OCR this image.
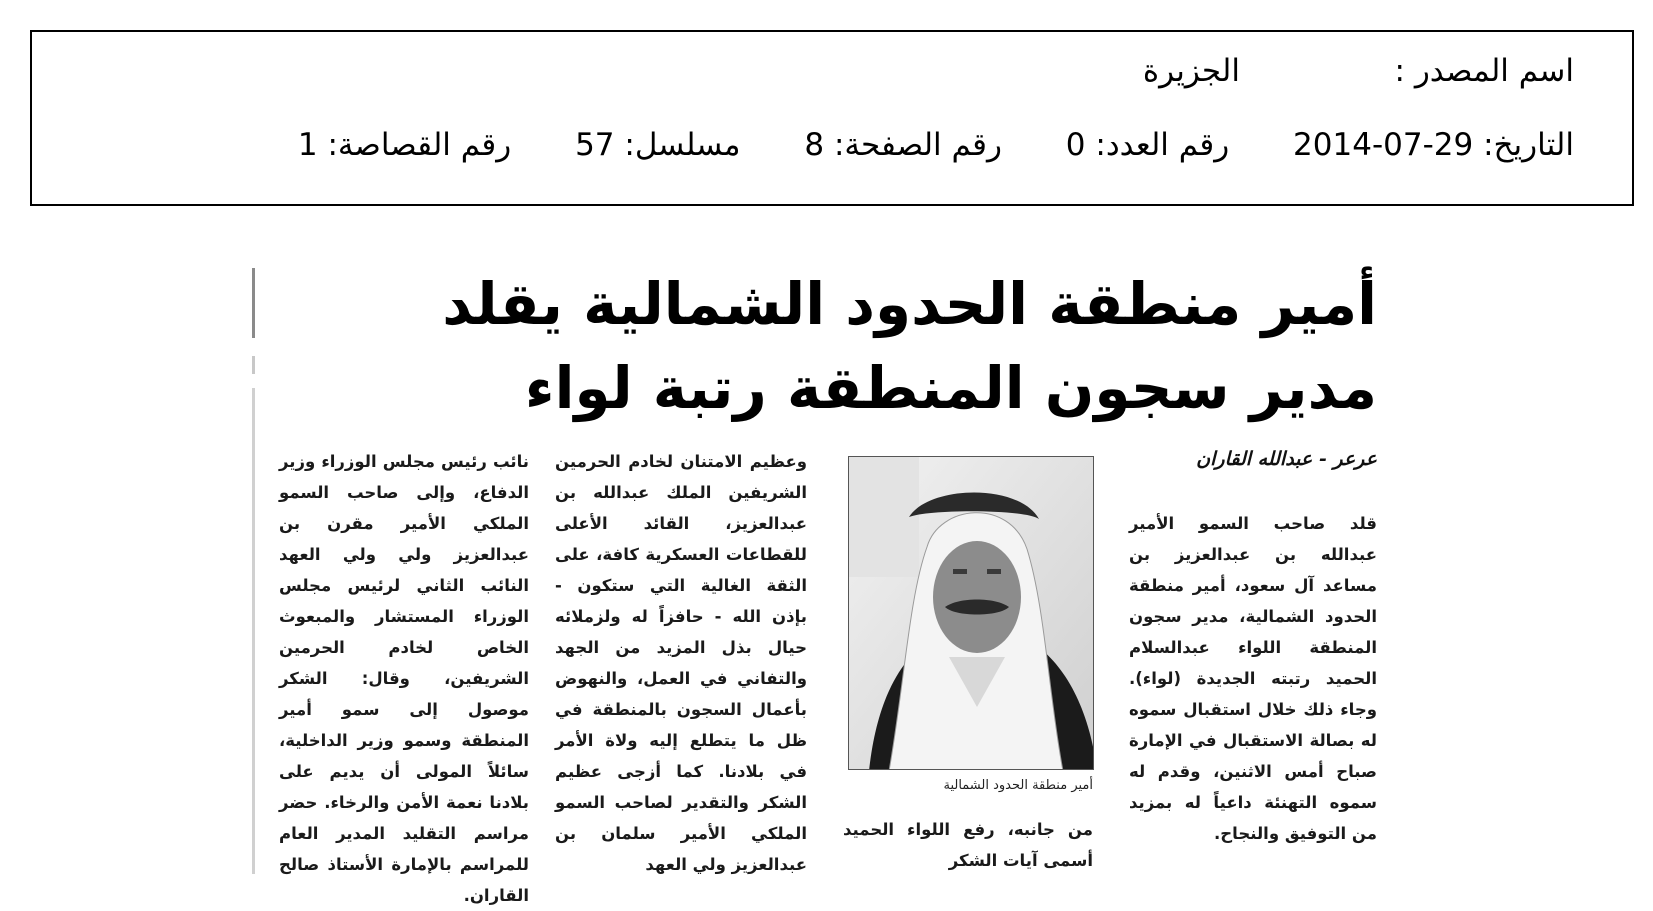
اسم المصدر :
الجزيرة
التاريخ: 2014-07-29 رقم العدد: 0 رقم الصفحة: 8 مسلسل: 57 رقم القصاصة: 1
أمير منطقة الحدود الشمالية يقلد مدير سجون المنطقة رتبة لواء
عرعر - عبدالله القاران

قلد صاحب السمو الأمير عبدالله بن عبدالعزيز بن مساعد آل سعود، أمير منطقة الحدود الشمالية، مدير سجون المنطقة اللواء عبدالسلام الحميد رتبته الجديدة (لواء). وجاء ذلك خلال استقبال سموه له بصالة الاستقبال في الإمارة صباح أمس الاثنين، وقدم له سموه التهنئة داعياً له بمزيد من التوفيق والنجاح.

أمير منطقة الحدود الشمالية

من جانبه، رفع اللواء الحميد أسمى آيات الشكر

وعظيم الامتنان لخادم الحرمين الشريفين الملك عبدالله بن عبدالعزيز، القائد الأعلى للقطاعات العسكرية كافة، على الثقة الغالية التي ستكون - بإذن الله - حافزاً له ولزملائه حيال بذل المزيد من الجهد والتفاني في العمل، والنهوض بأعمال السجون بالمنطقة في ظل ما يتطلع إليه ولاة الأمر في بلادنا. كما أزجى عظيم الشكر والتقدير لصاحب السمو الملكي الأمير سلمان بن عبدالعزيز ولي العهد

نائب رئيس مجلس الوزراء وزير الدفاع، وإلى صاحب السمو الملكي الأمير مقرن بن عبدالعزيز ولي ولي العهد النائب الثاني لرئيس مجلس الوزراء المستشار والمبعوث الخاص لخادم الحرمين الشريفين، وقال: الشكر موصول إلى سمو أمير المنطقة وسمو وزير الداخلية، سائلاً المولى أن يديم على بلادنا نعمة الأمن والرخاء. حضر مراسم التقليد المدير العام للمراسم بالإمارة الأستاذ صالح القاران.
